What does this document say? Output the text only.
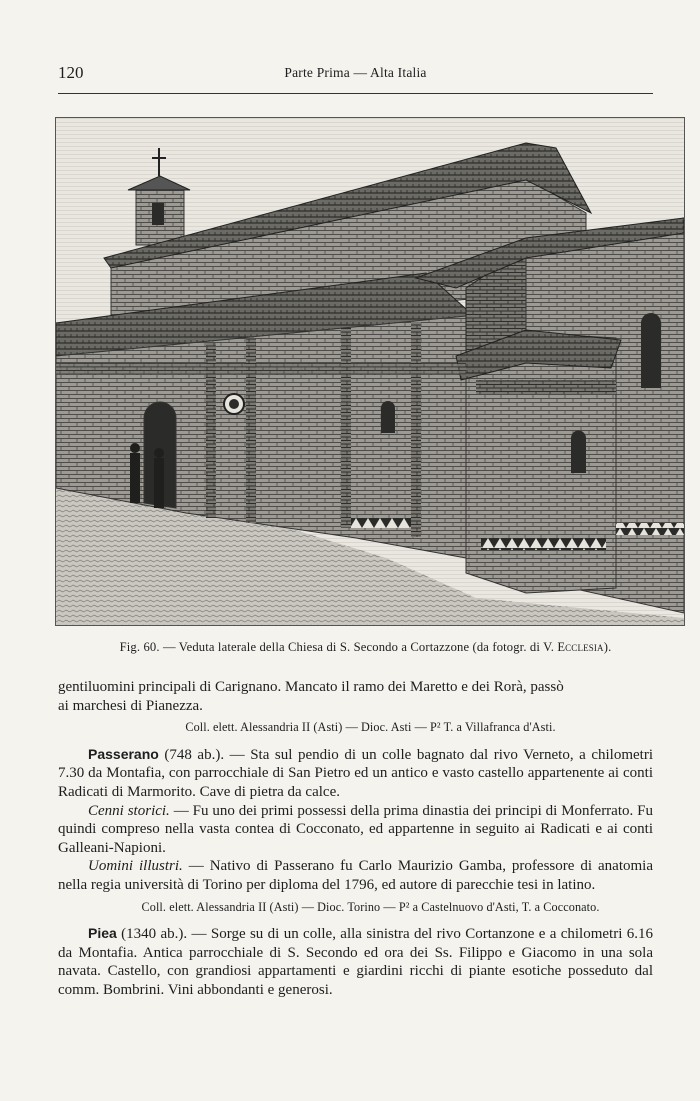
120	Parte Prima — Alta Italia
Fig. 60. — Veduta laterale della Chiesa di S. Secondo a Cortazzone (da fotogr. di V. Ecclesia).

gentiluomini principali di Carignano. Mancato il ramo dei Maretto e dei Rorà, passò
ai marchesi di Pianezza.

Coll. elett. Alessandria II (Asti) — Dioc. Asti — P² T. a Villafranca d'Asti.

Passerano (748 ab.). — Sta sul pendio di un colle bagnato dal rivo Verneto, a chilometri 7.30 da Montafia, con parrocchiale di San Pietro ed un antico e vasto castello appartenente ai conti Radicati di Marmorito. Cave di pietra da calce.

Cenni storici. — Fu uno dei primi possessi della prima dinastia dei principi di Monferrato. Fu quindi compreso nella vasta contea di Cocconato, ed appartenne in seguito ai Radicati e ai conti Galleani-Napioni.

Uomini illustri. — Nativo di Passerano fu Carlo Maurizio Gamba, professore di anatomia nella regia università di Torino per diploma del 1796, ed autore di parecchie tesi in latino.

Coll. elett. Alessandria II (Asti) — Dioc. Torino — P² a Castelnuovo d'Asti, T. a Cocconato.

Piea (1340 ab.). — Sorge su di un colle, alla sinistra del rivo Cortanzone e a chilometri 6.16 da Montafia. Antica parrocchiale di S. Secondo ed ora dei Ss. Filippo e Giacomo in una sola navata. Castello, con grandiosi appartamenti e giardini ricchi di piante esotiche posseduto dal comm. Bombrini. Vini abbondanti e generosi.
